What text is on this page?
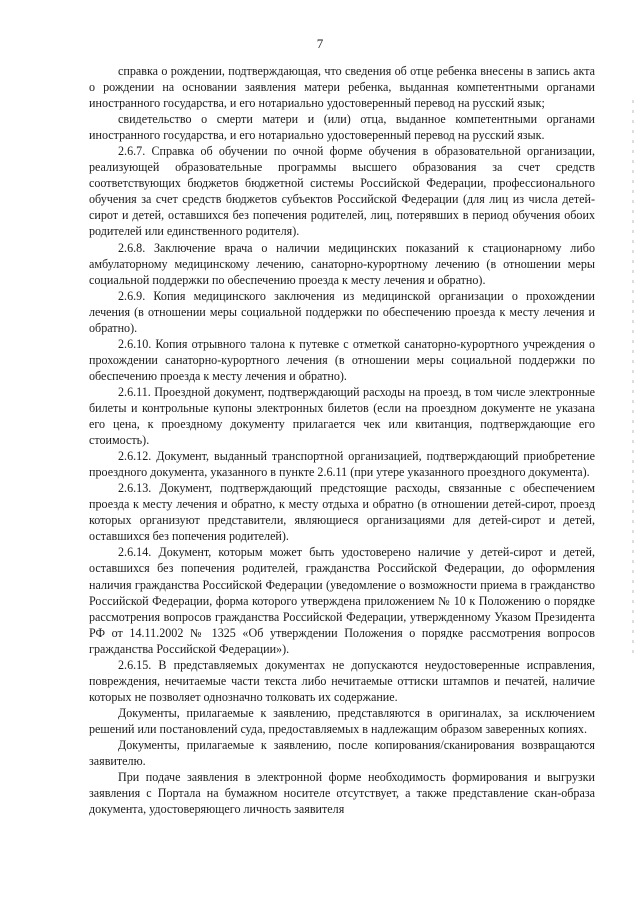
7

справка о рождении, подтверждающая, что сведения об отце ребенка внесены в запись акта о рождении на основании заявления матери ребенка, выданная компетентными органами иностранного государства, и его нотариально удостоверенный перевод на русский язык;

свидетельство о смерти матери и (или) отца, выданное компетентными органами иностранного государства, и его нотариально удостоверенный перевод на русский язык.

2.6.7. Справка об обучении по очной форме обучения в образовательной организации, реализующей образовательные программы высшего образования за счет средств соответствующих бюджетов бюджетной системы Российской Федерации, профессионального обучения за счет средств бюджетов субъектов Российской Федерации (для лиц из числа детей-сирот и детей, оставшихся без попечения родителей, лиц, потерявших в период обучения обоих родителей или единственного родителя).

2.6.8. Заключение врача о наличии медицинских показаний к стационарному либо амбулаторному медицинскому лечению, санаторно-курортному лечению (в отношении меры социальной поддержки по обеспечению проезда к месту лечения и обратно).

2.6.9. Копия медицинского заключения из медицинской организации о прохождении лечения (в отношении меры социальной поддержки по обеспечению проезда к месту лечения и обратно).

2.6.10. Копия отрывного талона к путевке с отметкой санаторно-курортного учреждения о прохождении санаторно-курортного лечения (в отношении меры социальной поддержки по обеспечению проезда к месту лечения и обратно).

2.6.11. Проездной документ, подтверждающий расходы на проезд, в том числе электронные билеты и контрольные купоны электронных билетов (если на проездном документе не указана его цена, к проездному документу прилагается чек или квитанция, подтверждающие его стоимость).

2.6.12. Документ, выданный транспортной организацией, подтверждающий приобретение проездного документа, указанного в пункте 2.6.11 (при утере указанного проездного документа).

2.6.13. Документ, подтверждающий предстоящие расходы, связанные с обеспечением проезда к месту лечения и обратно, к месту отдыха и обратно (в отношении детей-сирот, проезд которых организуют представители, являющиеся организациями для детей-сирот и детей, оставшихся без попечения родителей).

2.6.14. Документ, которым может быть удостоверено наличие у детей-сирот и детей, оставшихся без попечения родителей, гражданства Российской Федерации, до оформления наличия гражданства Российской Федерации (уведомление о возможности приема в гражданство Российской Федерации, форма которого утверждена приложением № 10 к Положению о порядке рассмотрения вопросов гражданства Российской Федерации, утвержденному Указом Президента РФ от 14.11.2002 № 1325 «Об утверждении Положения о порядке рассмотрения вопросов гражданства Российской Федерации»).

2.6.15. В представляемых документах не допускаются неудостоверенные исправления, повреждения, нечитаемые части текста либо нечитаемые оттиски штампов и печатей, наличие которых не позволяет однозначно толковать их содержание.

Документы, прилагаемые к заявлению, представляются в оригиналах, за исключением решений или постановлений суда, предоставляемых в надлежащим образом заверенных копиях.

Документы, прилагаемые к заявлению, после копирования/сканирования возвращаются заявителю.

При подаче заявления в электронной форме необходимость формирования и выгрузки заявления с Портала на бумажном носителе отсутствует, а также представление скан-образа документа, удостоверяющего личность заявителя
